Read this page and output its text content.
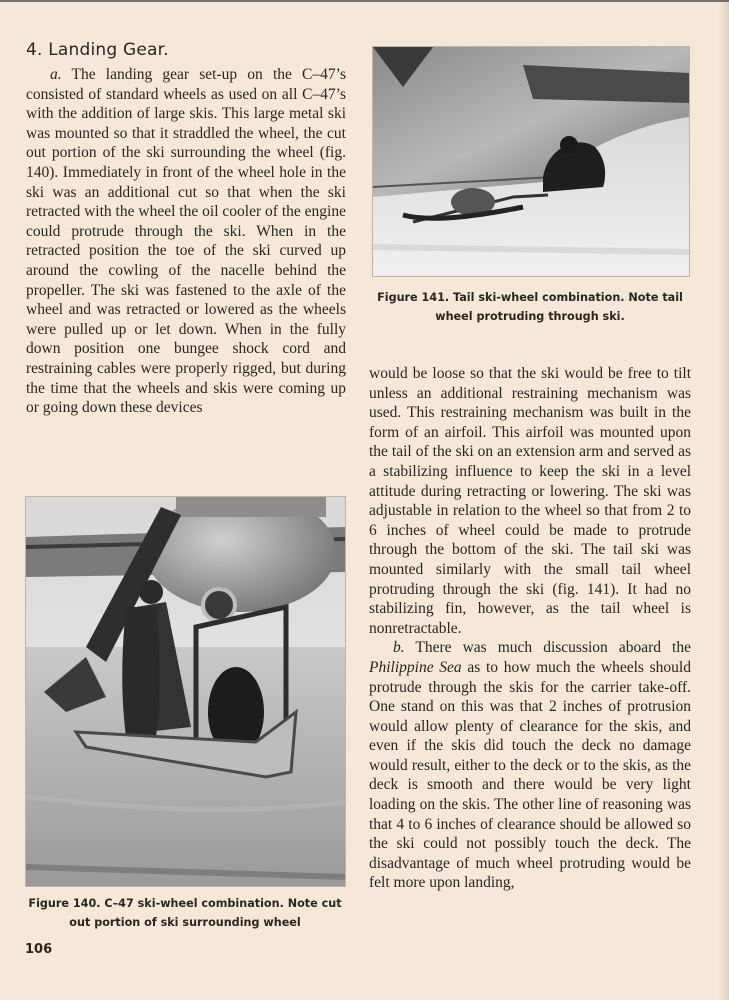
4. Landing Gear.

a. The landing gear set-up on the C–47’s consisted of standard wheels as used on all C–47’s with the addition of large skis. This large metal ski was mounted so that it straddled the wheel, the cut out portion of the ski surrounding the wheel (fig. 140). Immediately in front of the wheel hole in the ski was an additional cut so that when the ski retracted with the wheel the oil cooler of the engine could protrude through the ski. When in the retracted position the toe of the ski curved up around the cowling of the nacelle behind the propeller. The ski was fastened to the axle of the wheel and was retracted or lowered as the wheels were pulled up or let down. When in the fully down position one bungee shock cord and restraining cables were properly rigged, but during the time that the wheels and skis were coming up or going down these devices

Figure 141. Tail ski-wheel combination. Note tail wheel protruding through ski.

would be loose so that the ski would be free to tilt unless an additional restraining mechanism was used. This restraining mechanism was built in the form of an airfoil. This airfoil was mounted upon the tail of the ski on an extension arm and served as a stabilizing influence to keep the ski in a level attitude during retracting or lowering. The ski was adjustable in relation to the wheel so that from 2 to 6 inches of wheel could be made to protrude through the bottom of the ski. The tail ski was mounted similarly with the small tail wheel protruding through the ski (fig. 141). It had no stabilizing fin, however, as the tail wheel is nonretractable.

b. There was much discussion aboard the Philippine Sea as to how much the wheels should protrude through the skis for the carrier take-off. One stand on this was that 2 inches of protrusion would allow plenty of clearance for the skis, and even if the skis did touch the deck no damage would result, either to the deck or to the skis, as the deck is smooth and there would be very light loading on the skis. The other line of reasoning was that 4 to 6 inches of clearance should be allowed so the ski could not possibly touch the deck. The disadvantage of much wheel protruding would be felt more upon landing,

Figure 140. C–47 ski-wheel combination. Note cut out portion of ski surrounding wheel
106
